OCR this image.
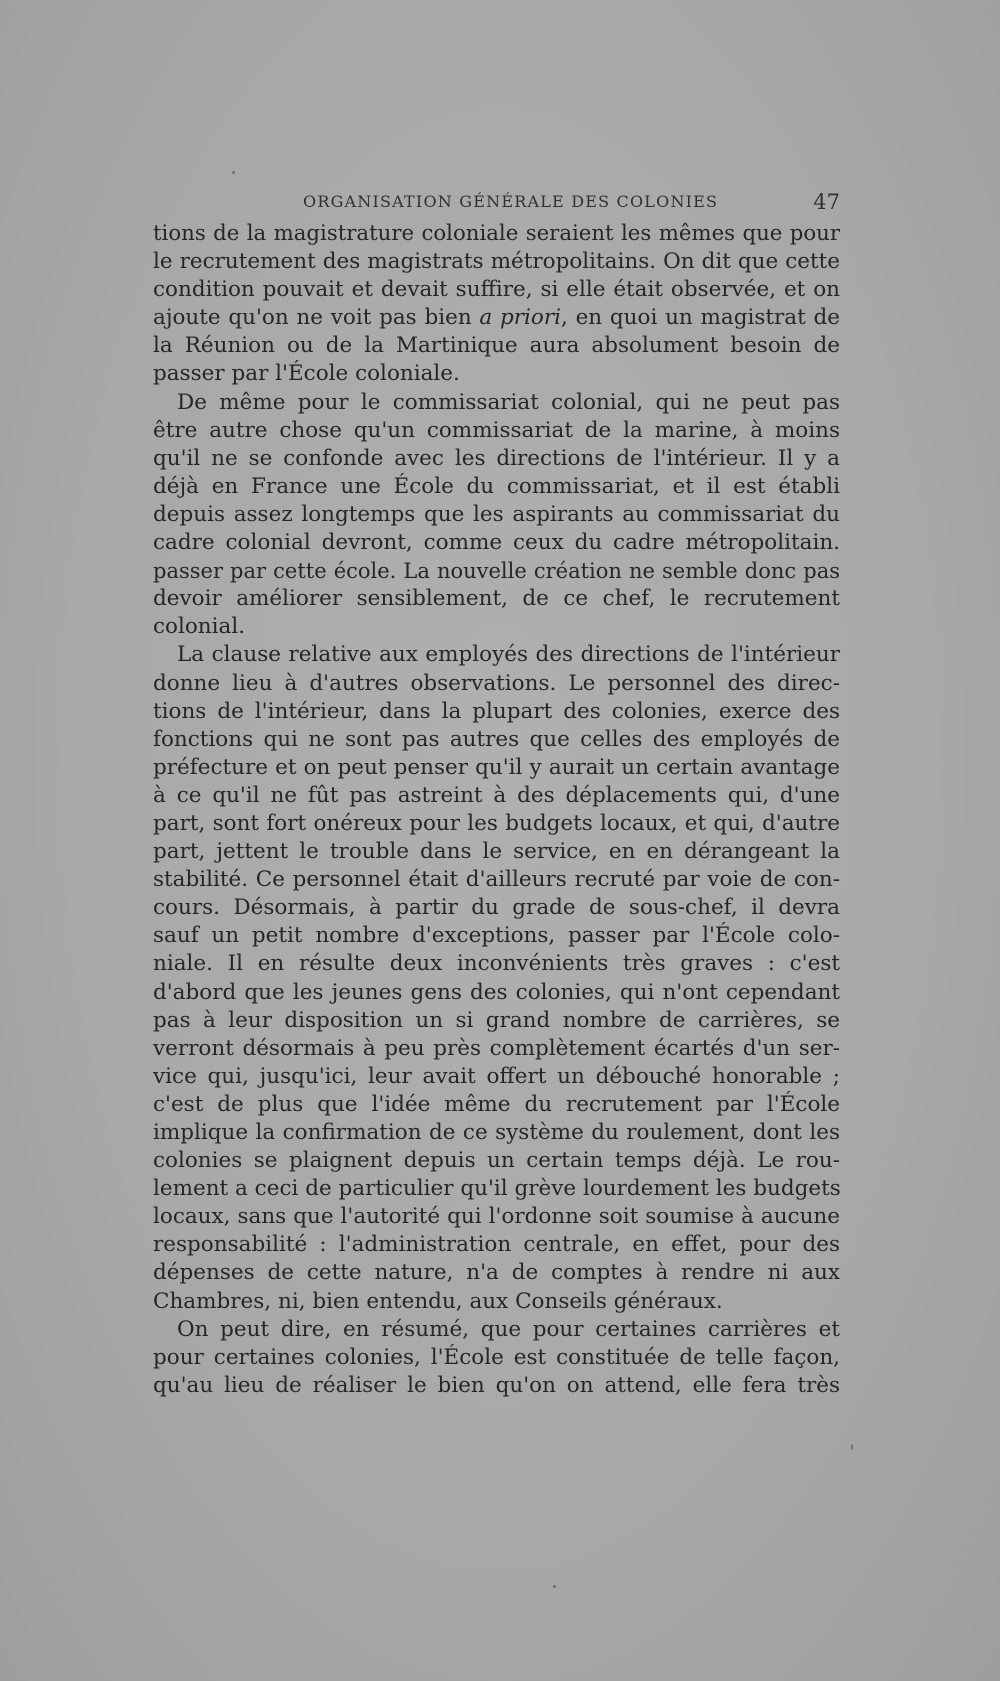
ORGANISATION GÉNÉRALE DES COLONIES	47
tions de la magistrature coloniale seraient les mêmes que pour
le recrutement des magistrats métropolitains. On dit que cette
condition pouvait et devait suffire, si elle était observée, et on
ajoute qu'on ne voit pas bien a priori, en quoi un magistrat de
la Réunion ou de la Martinique aura absolument besoin de
passer par l'École coloniale.
De même pour le commissariat colonial, qui ne peut pas
être autre chose qu'un commissariat de la marine, à moins
qu'il ne se confonde avec les directions de l'intérieur. Il y a
déjà en France une École du commissariat, et il est établi
depuis assez longtemps que les aspirants au commissariat du
cadre colonial devront, comme ceux du cadre métropolitain.
passer par cette école. La nouvelle création ne semble donc pas
devoir améliorer sensiblement, de ce chef, le recrutement
colonial.
La clause relative aux employés des directions de l'intérieur
donne lieu à d'autres observations. Le personnel des direc-
tions de l'intérieur, dans la plupart des colonies, exerce des
fonctions qui ne sont pas autres que celles des employés de
préfecture et on peut penser qu'il y aurait un certain avantage
à ce qu'il ne fût pas astreint à des déplacements qui, d'une
part, sont fort onéreux pour les budgets locaux, et qui, d'autre
part, jettent le trouble dans le service, en en dérangeant la
stabilité. Ce personnel était d'ailleurs recruté par voie de con-
cours. Désormais, à partir du grade de sous-chef, il devra
sauf un petit nombre d'exceptions, passer par l'École colo-
niale. Il en résulte deux inconvénients très graves : c'est
d'abord que les jeunes gens des colonies, qui n'ont cependant
pas à leur disposition un si grand nombre de carrières, se
verront désormais à peu près complètement écartés d'un ser-
vice qui, jusqu'ici, leur avait offert un débouché honorable ;
c'est de plus que l'idée même du recrutement par l'École
implique la confirmation de ce système du roulement, dont les
colonies se plaignent depuis un certain temps déjà. Le rou-
lement a ceci de particulier qu'il grève lourdement les budgets
locaux, sans que l'autorité qui l'ordonne soit soumise à aucune
responsabilité : l'administration centrale, en effet, pour des
dépenses de cette nature, n'a de comptes à rendre ni aux
Chambres, ni, bien entendu, aux Conseils généraux.
On peut dire, en résumé, que pour certaines carrières et
pour certaines colonies, l'École est constituée de telle façon,
qu'au lieu de réaliser le bien qu'on on attend, elle fera très
